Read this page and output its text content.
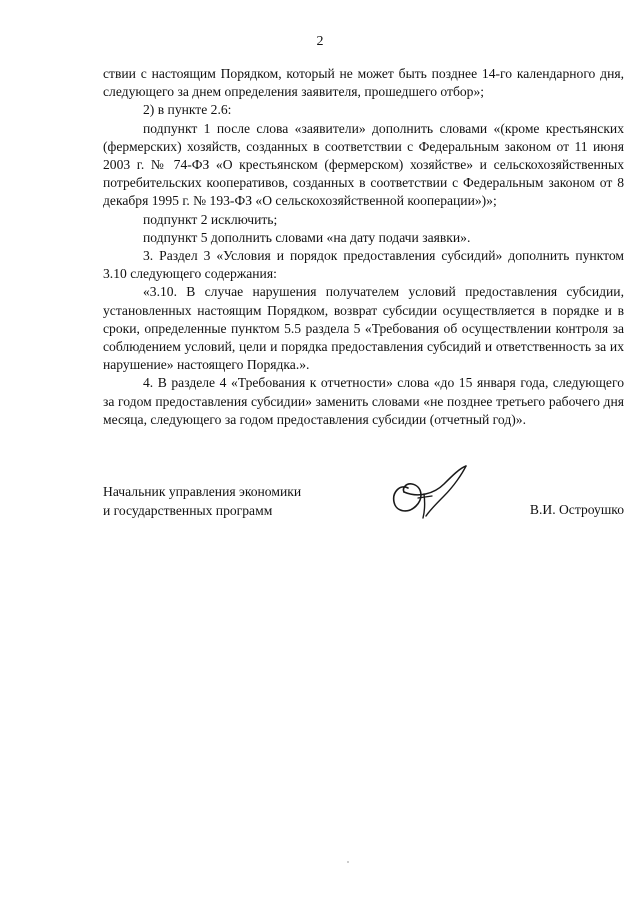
2

ствии с настоящим Порядком, который не может быть позднее 14-го календарного дня, следующего за днем определения заявителя, прошедшего отбор»;

2) в пункте 2.6:

подпункт 1 после слова «заявители» дополнить словами «(кроме крестьянских (фермерских) хозяйств, созданных в соответствии с Федеральным законом от 11 июня 2003 г. № 74-ФЗ «О крестьянском (фермерском) хозяйстве» и сельскохозяйственных потребительских кооперативов, созданных в соответствии с Федеральным законом от 8 декабря 1995 г. № 193-ФЗ «О сельскохозяйственной кооперации»)»;

подпункт 2 исключить;

подпункт 5 дополнить словами «на дату подачи заявки».

3. Раздел 3 «Условия и порядок предоставления субсидий» дополнить пунктом 3.10 следующего содержания:

«3.10. В случае нарушения получателем условий предоставления субсидии, установленных настоящим Порядком, возврат субсидии осуществляется в порядке и в сроки, определенные пунктом 5.5 раздела 5 «Требования об осуществлении контроля за соблюдением условий, цели и порядка предоставления субсидий и ответственность за их нарушение» настоящего Порядка.».

4. В разделе 4 «Требования к отчетности» слова «до 15 января года, следующего за годом предоставления субсидии» заменить словами «не позднее третьего рабочего дня месяца, следующего за годом предоставления субсидии (отчетный год)».

Начальник управления экономики
и государственных программ	В.И. Остроушко
